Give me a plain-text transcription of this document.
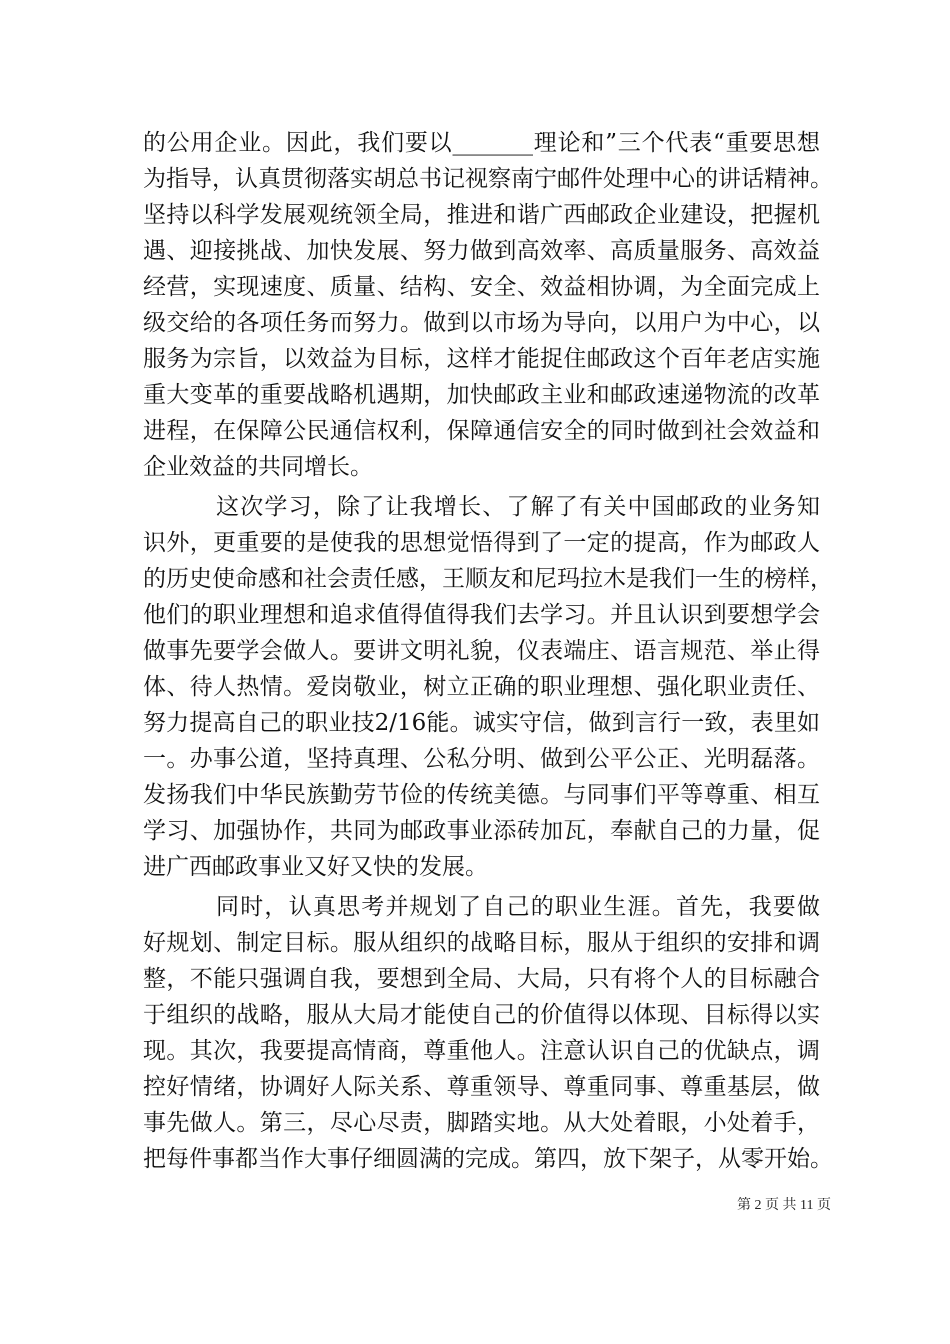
的公用企业。因此，我们要以_______理论和”三个代表“重要思想
为指导，认真贯彻落实胡总书记视察南宁邮件处理中心的讲话精神。
坚持以科学发展观统领全局，推进和谐广西邮政企业建设，把握机
遇、迎接挑战、加快发展、努力做到高效率、高质量服务、高效益
经营，实现速度、质量、结构、安全、效益相协调，为全面完成上
级交给的各项任务而努力。做到以市场为导向，以用户为中心，以
服务为宗旨，以效益为目标，这样才能捉住邮政这个百年老店实施
重大变革的重要战略机遇期，加快邮政主业和邮政速递物流的改革
进程，在保障公民通信权利，保障通信安全的同时做到社会效益和
企业效益的共同增长。
这次学习，除了让我增长、了解了有关中国邮政的业务知
识外，更重要的是使我的思想觉悟得到了一定的提高，作为邮政人
的历史使命感和社会责任感，王顺友和尼玛拉木是我们一生的榜样，
他们的职业理想和追求值得值得我们去学习。并且认识到要想学会
做事先要学会做人。要讲文明礼貌，仪表端庄、语言规范、举止得
体、待人热情。爱岗敬业，树立正确的职业理想、强化职业责任、
努力提高自己的职业技2/16能。诚实守信，做到言行一致，表里如
一。办事公道，坚持真理、公私分明、做到公平公正、光明磊落。
发扬我们中华民族勤劳节俭的传统美德。与同事们平等尊重、相互
学习、加强协作，共同为邮政事业添砖加瓦，奉献自己的力量，促
进广西邮政事业又好又快的发展。
同时，认真思考并规划了自己的职业生涯。首先，我要做
好规划、制定目标。服从组织的战略目标，服从于组织的安排和调
整，不能只强调自我，要想到全局、大局，只有将个人的目标融合
于组织的战略，服从大局才能使自己的价值得以体现、目标得以实
现。其次，我要提高情商，尊重他人。注意认识自己的优缺点，调
控好情绪，协调好人际关系、尊重领导、尊重同事、尊重基层，做
事先做人。第三，尽心尽责，脚踏实地。从大处着眼，小处着手，
把每件事都当作大事仔细圆满的完成。第四，放下架子，从零开始。
第 2 页 共 11 页
